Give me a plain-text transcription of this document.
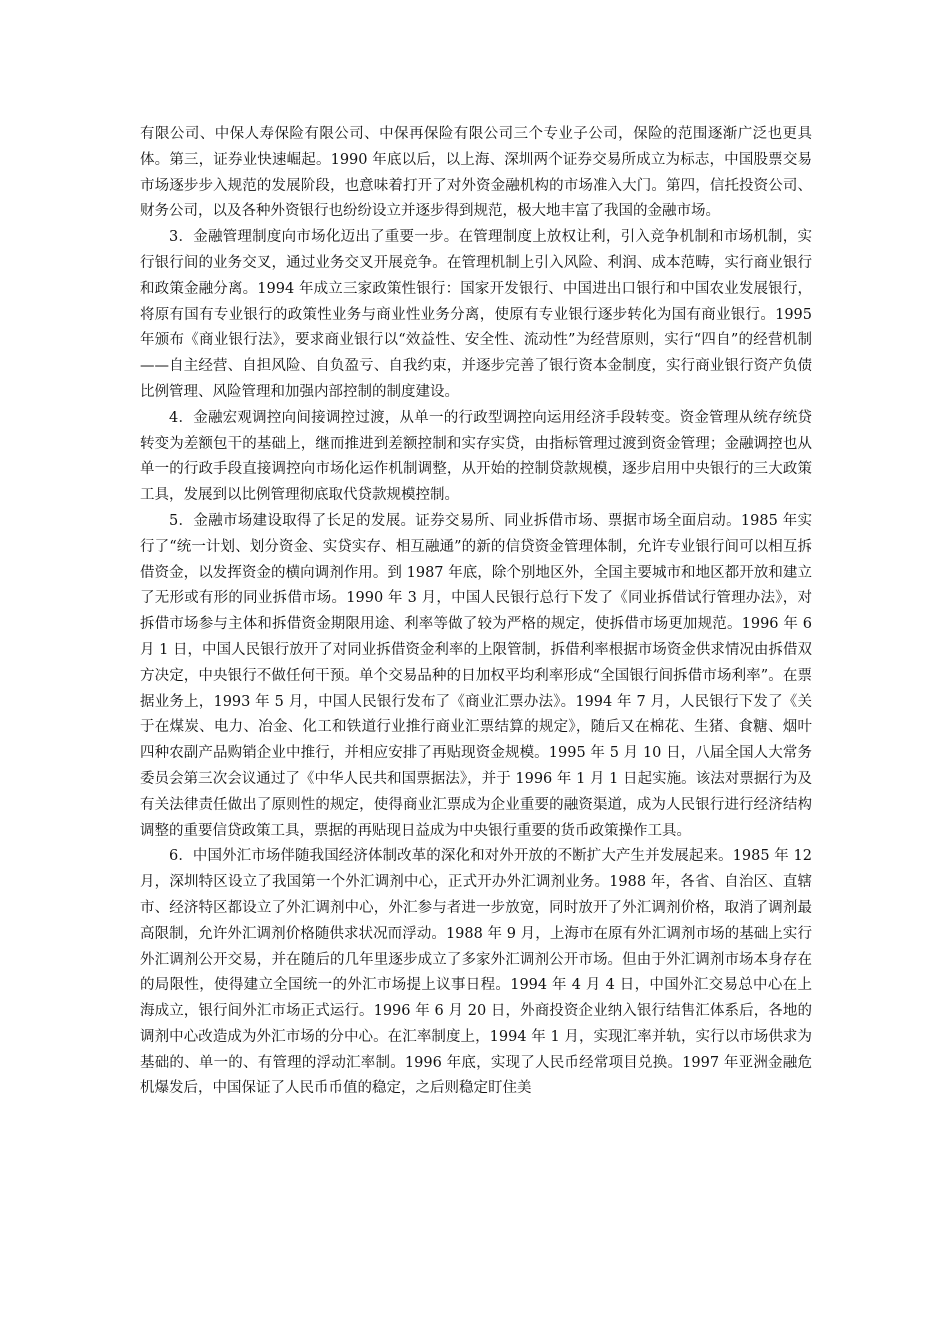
有限公司、中保人寿保险有限公司、中保再保险有限公司三个专业子公司，保险的范围逐渐广泛也更具体。第三，证券业快速崛起。1990 年底以后，以上海、深圳两个证券交易所成立为标志，中国股票交易市场逐步步入规范的发展阶段，也意味着打开了对外资金融机构的市场准入大门。第四，信托投资公司、财务公司，以及各种外资银行也纷纷设立并逐步得到规范，极大地丰富了我国的金融市场。

3．金融管理制度向市场化迈出了重要一步。在管理制度上放权让利，引入竞争机制和市场机制，实行银行间的业务交叉，通过业务交叉开展竞争。在管理机制上引入风险、利润、成本范畴，实行商业银行和政策金融分离。1994 年成立三家政策性银行：国家开发银行、中国进出口银行和中国农业发展银行，将原有国有专业银行的政策性业务与商业性业务分离，使原有专业银行逐步转化为国有商业银行。1995 年颁布《商业银行法》，要求商业银行以“效益性、安全性、流动性”为经营原则，实行“四自”的经营机制——自主经营、自担风险、自负盈亏、自我约束，并逐步完善了银行资本金制度，实行商业银行资产负债比例管理、风险管理和加强内部控制的制度建设。

4．金融宏观调控向间接调控过渡，从单一的行政型调控向运用经济手段转变。资金管理从统存统贷转变为差额包干的基础上，继而推进到差额控制和实存实贷，由指标管理过渡到资金管理；金融调控也从单一的行政手段直接调控向市场化运作机制调整，从开始的控制贷款规模，逐步启用中央银行的三大政策工具，发展到以比例管理彻底取代贷款规模控制。

5．金融市场建设取得了长足的发展。证券交易所、同业拆借市场、票据市场全面启动。1985 年实行了“统一计划、划分资金、实贷实存、相互融通”的新的信贷资金管理体制，允许专业银行间可以相互拆借资金，以发挥资金的横向调剂作用。到 1987 年底，除个别地区外，全国主要城市和地区都开放和建立了无形或有形的同业拆借市场。1990 年 3 月，中国人民银行总行下发了《同业拆借试行管理办法》，对拆借市场参与主体和拆借资金期限用途、利率等做了较为严格的规定，使拆借市场更加规范。1996 年 6 月 1 日，中国人民银行放开了对同业拆借资金利率的上限管制，拆借利率根据市场资金供求情况由拆借双方决定，中央银行不做任何干预。单个交易品种的日加权平均利率形成“全国银行间拆借市场利率”。在票据业务上，1993 年 5 月，中国人民银行发布了《商业汇票办法》。1994 年 7 月，人民银行下发了《关于在煤炭、电力、冶金、化工和铁道行业推行商业汇票结算的规定》，随后又在棉花、生猪、食糖、烟叶四种农副产品购销企业中推行，并相应安排了再贴现资金规模。1995 年 5 月 10 日，八届全国人大常务委员会第三次会议通过了《中华人民共和国票据法》，并于 1996 年 1 月 1 日起实施。该法对票据行为及有关法律责任做出了原则性的规定，使得商业汇票成为企业重要的融资渠道，成为人民银行进行经济结构调整的重要信贷政策工具，票据的再贴现日益成为中央银行重要的货币政策操作工具。

6．中国外汇市场伴随我国经济体制改革的深化和对外开放的不断扩大产生并发展起来。1985 年 12 月，深圳特区设立了我国第一个外汇调剂中心，正式开办外汇调剂业务。1988 年，各省、自治区、直辖市、经济特区都设立了外汇调剂中心，外汇参与者进一步放宽，同时放开了外汇调剂价格，取消了调剂最高限制，允许外汇调剂价格随供求状况而浮动。1988 年 9 月，上海市在原有外汇调剂市场的基础上实行外汇调剂公开交易，并在随后的几年里逐步成立了多家外汇调剂公开市场。但由于外汇调剂市场本身存在的局限性，使得建立全国统一的外汇市场提上议事日程。1994 年 4 月 4 日，中国外汇交易总中心在上海成立，银行间外汇市场正式运行。1996 年 6 月 20 日，外商投资企业纳入银行结售汇体系后，各地的调剂中心改造成为外汇市场的分中心。在汇率制度上，1994 年 1 月，实现汇率并轨，实行以市场供求为基础的、单一的、有管理的浮动汇率制。1996 年底，实现了人民币经常项目兑换。1997 年亚洲金融危机爆发后，中国保证了人民币币值的稳定，之后则稳定盯住美
